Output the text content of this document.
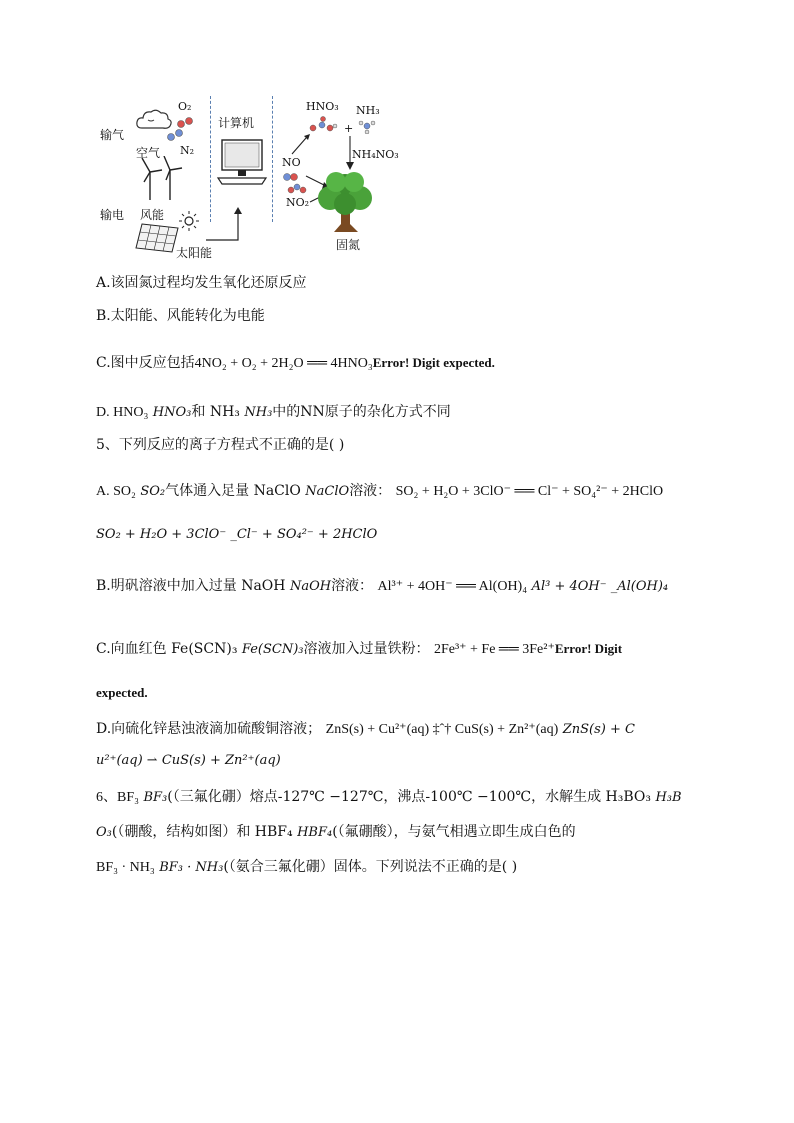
输气
空气
O₂
N₂
输电 风能
太阳能
计算机
HNO₃ NH₃
+
NH₄NO₃
NO
NO₂
固氮
A.该固氮过程均发生氧化还原反应
B.太阳能、风能转化为电能
C.图中反应包括4NO₂ + O₂ + 2H₂O ══ 4HNO₃Error! Digit expected.
D. HNO₃ HNO₃和 NH₃ NH₃中的NN原子的杂化方式不同
5、下列反应的离子方程式不正确的是( )
A. SO₂ SO₂气体通入足量 NaClO NaClO溶液： SO₂ + H₂O + 3ClO⁻ ══ Cl⁻ + SO₄²⁻ + 2HClO
SO₂ + H₂O + 3ClO⁻ _Cl⁻ + SO₄²⁻ + 2HClO
B.明矾溶液中加入过量 NaOH NaOH溶液： Al³⁺ + 4OH⁻ ══ Al(OH)₄ Al³ + 4OH⁻ _Al(OH)₄
C.向血红色 Fe(SCN)₃ Fe(SCN)₃溶液加入过量铁粉： 2Fe³⁺ + Fe ══ 3Fe²⁺Error! Digit
expected.
D.向硫化锌悬浊液滴加硫酸铜溶液； ZnS(s) + Cu²⁺(aq) ‡ˆ† CuS(s) + Zn²⁺(aq) ZnS(s) + C
u²⁺(aq) ⇀ CuS(s) + Zn²⁺(aq)
6、BF₃ BF₃(（三氟化硼）熔点-127℃ −127℃，沸点-100℃ −100℃，水解生成 H₃BO₃ H₃B
O₃(（硼酸，结构如图）和 HBF₄ HBF₄(（氟硼酸），与氨气相遇立即生成白色的
BF₃ · NH₃ BF₃ · NH₃(（氨合三氟化硼）固体。下列说法不正确的是( )
